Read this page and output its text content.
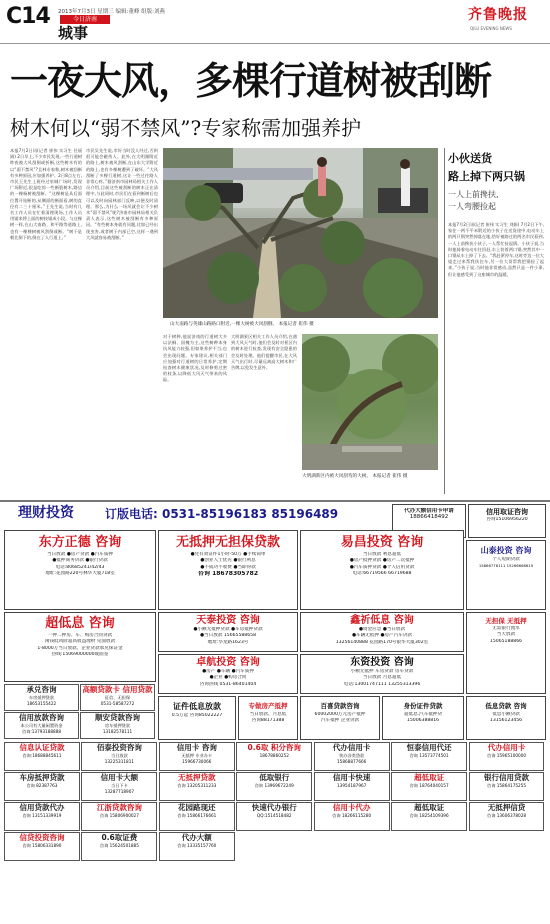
C14 2013年7月3日 星期三 编辑:董峰 组版:刘燕
今日济南
城事
齐鲁晚报
QILU EVENING NEWS
一夜大风，多棵行道树被刮断
树木何以“弱不禁风”?专家称需加强养护
本报7月2日讯(记者 崔伟 实习生 任丽娟) 2日早上,不少市民发现,一些行道树昨夜被大风刮倒或折断,这些树木有的以“弱不禁风”?且林专家称,树木被刮断有多种原因,应加强养护。2日8点左右,市民王先生上班经过泉城广场时,发现广场附近,很是吃惊一些断裂树木,路边的一棵杨树被刮断。“这棵树是从后面位置开始断的,从侧面的断面看,树的直径有二三十厘米。”王先生说,当时有几名工作人员在忙着清理现场,工作人员用锯来将上面的树枝锯成小段。与这棵树一样,在山大南路、和平路等道路上,也有一棵棵树被风刮倒或断。“树干是朝北倒下的,倒在了人行道上。”
市民吴先生说,幸好当时没人经过,否则很可能会砸伤人。此外,在大明湖附近的路上,树木被风刮断,在山东大学附近的路上,也有多棵树遭到了破坏。“大风刮断了多棵行道树,这让一些过往路人非常心疼。”据济南市园林局相关工作人员介绍,目前这些被刮断的树木正在清理中,与此同时,市民们在看到断树后也可以及时向园林部门反映,以便及时清理。那么,为什么一场风就会让不少树木“弱不禁风”呢?济南市园林局相关负责人表示,这些树木被刮断有多种原因。“有些树本身就有问题,比如已经出现虫害,或者树干内部已空,这样一遇到大风就容易被刮断。”
山大南路与英雄山路路口附近,一棵大树被大风刮倒。 本报记者 崔伟 摄
对于树种,他说济南的行道树大多以法桐、国槐为主,这些树种本身抗风能力较强,但如果养护不当,也会出现问题。专家建议,相关部门应加强对行道树的日常养护,定期检查树木健康状况,及时修剪过密的枝条,以降低大风天气带来的风险。
大明湖景区相关工作人员介绍,在遇到大风天气时,他们会及时对景区内的树木进行检查,发现有安全隐患的会及时处理。他们提醒市民,在大风天气出行时,尽量远离高大树木和广告牌,以免发生意外。
大明湖新区内被大风刮弯的大树。 本报记者 崔伟 摄
小伙送货
路上掉下两只锅
一人上前搀扶,
一人弯腰捡起
本报7月2日讯(记者 崔伟 实习生 刘娟) 7月2日下午,家住一两千平米附近的小伙子在送货途中,电动车上的两只锅突然掉落在地,恰好被路过的两名市民看到,一人上前搀扶小伙子,一人帮忙捡起锅。小伙子说,当时他骑着电动车往回赶,车上装着两口锅,突然其中一口锅从车上掉了下去。“我赶紧停车,这时旁边一位大姐走过来帮我扶住车,另一位大哥帮我把锅捡了起来。”小伙子说,当时他非常感动,虽然只是一件小事,但让他感受到了这座城市的温暖。
理财投资	订版电话: 0531-85196183 85196489	代办大额信用卡申请
18866418492
信用取证咨询
咨询15106956220
东方正德 咨询
当日放款 ●房产贷款 ●汽车质押
●抵押商务贷款 ●银行贷款
电话:80685241/42/43
地址:花园路220号林华大厦718室
无抵押无担保贷款
●凭有效证件1小时-50万 ●手续简单
●创业人士优先 ●银行利息
●不成功不收费 ●当即得款
咨询 18678305782
易昌投资 咨询
当日放款 利息超低
●房产抵押贷款 ●房产二次抵押
●汽车质押贷款 ●个人信用贷款
电话:66719566 66719688
山泰投资 咨询
个人短期贷款
15866776111 15266666619
超低息 咨询
一押二押房、车、购房合同贷款
闲钱低风险超高收益理财 见面放款
1-8000万当日放款、企业贷款承兑保证金
热线:15069000000或面签
天泰投资 咨询
●小额无抵押贷款 ●车房抵押贷款
●当日放款 15665588658
地址:华龙路1623号
鑫祈低息 咨询
●资金应急 ●当日放款
●车辆无抵押 ●房产汽车贷款
13256140888 花园路170号银华大厦302室
卓航投资 咨询
●房产 ●车辆 ●汽车质押
●企业 ●购房合同
咨询热线 0531-86401404
东资投资 咨询
小额无抵押 车房贷款 房车贷款
当日放款 月息超低
电话:13001747111 13255313396
无担保 无抵押
无需银行流水
当天放款
15065188866
证件低息放款
0.5万起 咨询85022227
专做房产抵押
当日放款、月息低
咨询88171388
百喜贷款咨询
60002000万元房产抵押
汽车抵押 企业贷款
身份证件贷款
超低息.汽车抵押贷
15006388816
低息贷款 咨询
低息小额贷款
13156123456
承兑咨询
车房抵押贷款
18653155422
高额贷款卡 信用贷款
征信、无担保
0531-58587272
信用放款咨询
本公司有大量闲置资金
咨询:13793188888
顺安贷款咨询
房车抵押贷款
13182578111
信息认证贷款
咨询:18688845611
佰泰投资咨询
当日放款
13225311811
信用卡 咨询
无抵押 专业办卡
15966730066
0.6取 积分咨询
18678860252
代办信用卡
快办各类贷款
15868877666
恒泰信用代还
咨询 13573774501
代办信用卡
咨询 15965100000
车房抵押贷款
咨询 82387763
信用卡大额
当日下卡
13287718907
无抵押贷款
咨询 13205311233
低取银行
咨询 13969672249
信用卡快速
13954187967
超低取证
咨询 18764040157
银行信用贷款
咨询 15864175255
信用贷款代办
咨询 13151339919
江浙贷款咨询
咨询 15806900027
花园路现还
咨询 15866176661
快速代办银行
QQ:1514518482
信用卡代办
咨询 18266115280
超低取证
咨询 18254109396
无抵押信贷
咨询 13606378028
信贷投资咨询
咨询 15806331890
0.6取证费
咨询 15624501885
代办大额
咨询 13335157760
